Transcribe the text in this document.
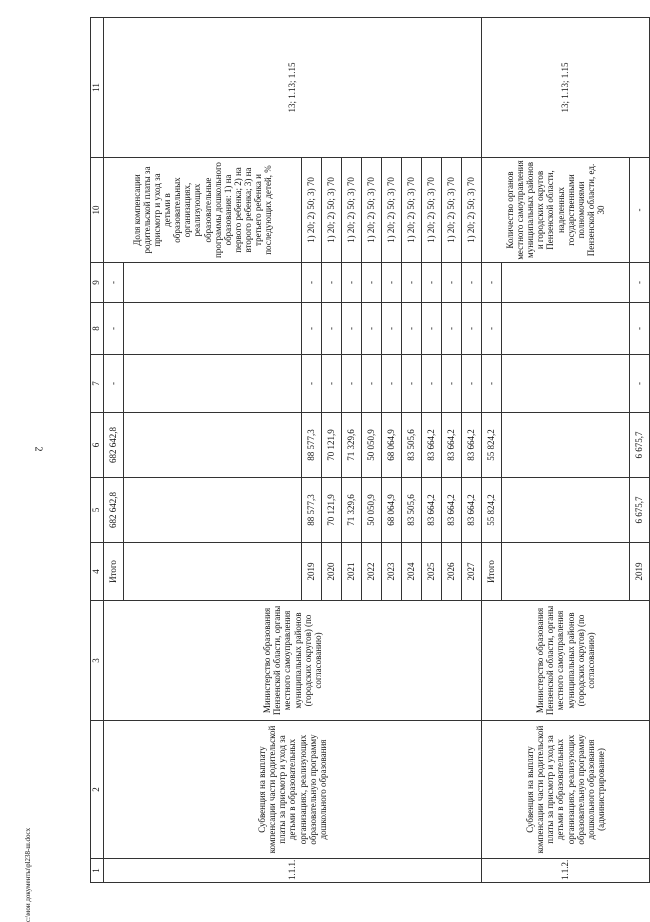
2
c:\мои документы\pl238-ш.docx	1	2	3	4	5	6	7	8	9	10	11
1.1.1.	Субвенция на выплату компенсации части родительской платы за присмотр и уход за детьми в образовательных организациях, реализующих образовательную программу дошкольного образования	Министерство образования Пензенской области, органы местного самоуправления муниципальных районов (городских округов) (по согласованию)	Итого	682 642,8	682 642,8	-	-	-	Доля компенсации родительской платы за присмотр и уход за детьми в образовательных организациях, реализующих образовательные программы дошкольного образования: 1) на первого ребенка; 2) на второго ребенка; 3) на третьего ребенка и последующих детей, %	13; 1.13; 1.15

			2019	88 577,3	88 577,3	-	-	-	1) 20; 2) 50; 3) 70	
			2020	70 121,9	70 121,9	-	-	-	1) 20; 2) 50; 3) 70	
			2021	71 329,6	71 329,6	-	-	-	1) 20; 2) 50; 3) 70	
			2022	50 050,9	50 050,9	-	-	-	1) 20; 2) 50; 3) 70	
			2023	68 064,9	68 064,9	-	-	-	1) 20; 2) 50; 3) 70	
			2024	83 505,6	83 505,6	-	-	-	1) 20; 2) 50; 3) 70	
			2025	83 664,2	83 664,2	-	-	-	1) 20; 2) 50; 3) 70	
			2026	83 664,2	83 664,2	-	-	-	1) 20; 2) 50; 3) 70	
			2027	83 664,2	83 664,2	-	-	-	1) 20; 2) 50; 3) 70	
1.1.2.	Субвенция на выплату компенсации части родительской платы за присмотр и уход за детьми в образовательных организациях, реализующих образовательную программу дошкольного образования (администрирование)	Министерство образования Пензенской области, органы местного самоуправления муниципальных районов (городских округов) (по согласованию)	Итого	55 824,2	55 824,2	-	-	-	Количество органов местного самоуправления муниципальных районов и городских округов Пензенской области, наделенных государственными полномочиями Пензенской области, ед. 30	13; 1.13; 1.15

			2019	6 675,7	6 675,7	-	-	-	-	
